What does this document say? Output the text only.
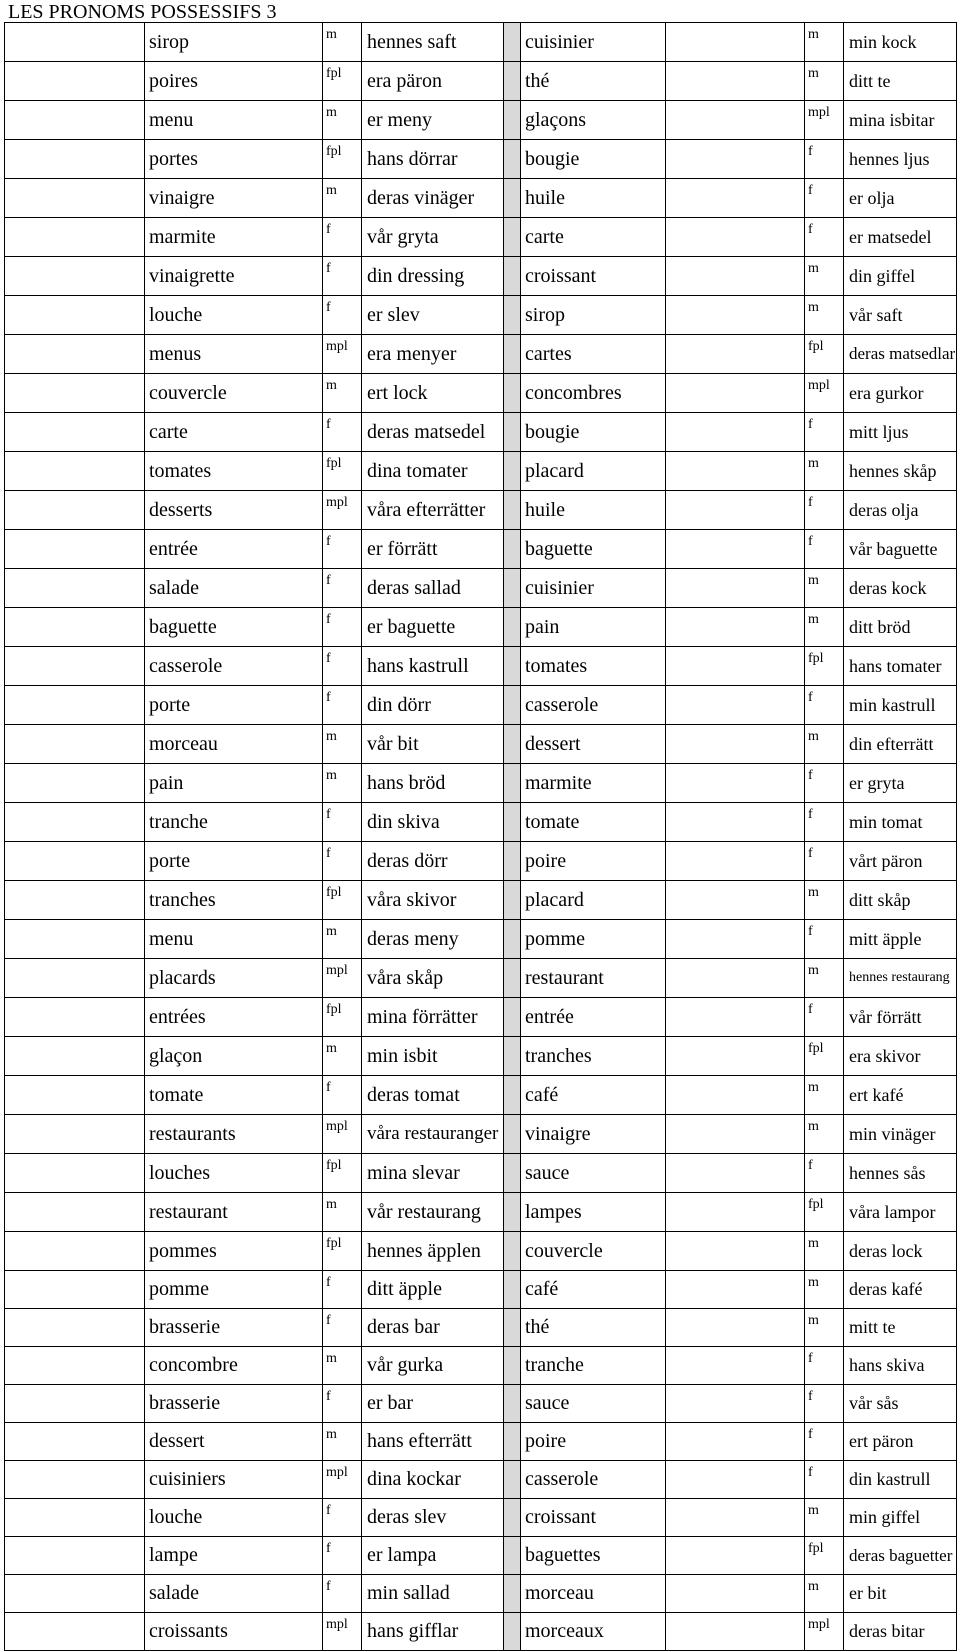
LES PRONOMS POSSESSIFS 3
	sirop	m	hennes saft		cuisinier		m	min kock
	poires	fpl	era päron		thé		m	ditt te
	menu	m	er meny		glaçons		mpl	mina isbitar
	portes	fpl	hans dörrar		bougie		f	hennes ljus
	vinaigre	m	deras vinäger		huile		f	er olja
	marmite	f	vår gryta		carte		f	er matsedel
	vinaigrette	f	din dressing		croissant		m	din giffel
	louche	f	er slev		sirop		m	vår saft
	menus	mpl	era menyer		cartes		fpl	deras matsedlar
	couvercle	m	ert lock		concombres		mpl	era gurkor
	carte	f	deras matsedel		bougie		f	mitt ljus
	tomates	fpl	dina tomater		placard		m	hennes skåp
	desserts	mpl	våra efterrätter		huile		f	deras olja
	entrée	f	er förrätt		baguette		f	vår baguette
	salade	f	deras sallad		cuisinier		m	deras kock
	baguette	f	er baguette		pain		m	ditt bröd
	casserole	f	hans kastrull		tomates		fpl	hans tomater
	porte	f	din dörr		casserole		f	min kastrull
	morceau	m	vår bit		dessert		m	din efterrätt
	pain	m	hans bröd		marmite		f	er gryta
	tranche	f	din skiva		tomate		f	min tomat
	porte	f	deras dörr		poire		f	vårt päron
	tranches	fpl	våra skivor		placard		m	ditt skåp
	menu	m	deras meny		pomme		f	mitt äpple
	placards	mpl	våra skåp		restaurant		m	hennes restaurang
	entrées	fpl	mina förrätter		entrée		f	vår förrätt
	glaçon	m	min isbit		tranches		fpl	era skivor
	tomate	f	deras tomat		café		m	ert kafé
	restaurants	mpl	våra restauranger		vinaigre		m	min vinäger
	louches	fpl	mina slevar		sauce		f	hennes sås
	restaurant	m	vår restaurang		lampes		fpl	våra lampor
	pommes	fpl	hennes äpplen		couvercle		m	deras lock
	pomme	f	ditt äpple		café		m	deras kafé
	brasserie	f	deras bar		thé		m	mitt te
	concombre	m	vår gurka		tranche		f	hans skiva
	brasserie	f	er bar		sauce		f	vår sås
	dessert	m	hans efterrätt		poire		f	ert päron
	cuisiniers	mpl	dina kockar		casserole		f	din kastrull
	louche	f	deras slev		croissant		m	min giffel
	lampe	f	er lampa		baguettes		fpl	deras baguetter
	salade	f	min sallad		morceau		m	er bit
	croissants	mpl	hans gifflar		morceaux		mpl	deras bitar
